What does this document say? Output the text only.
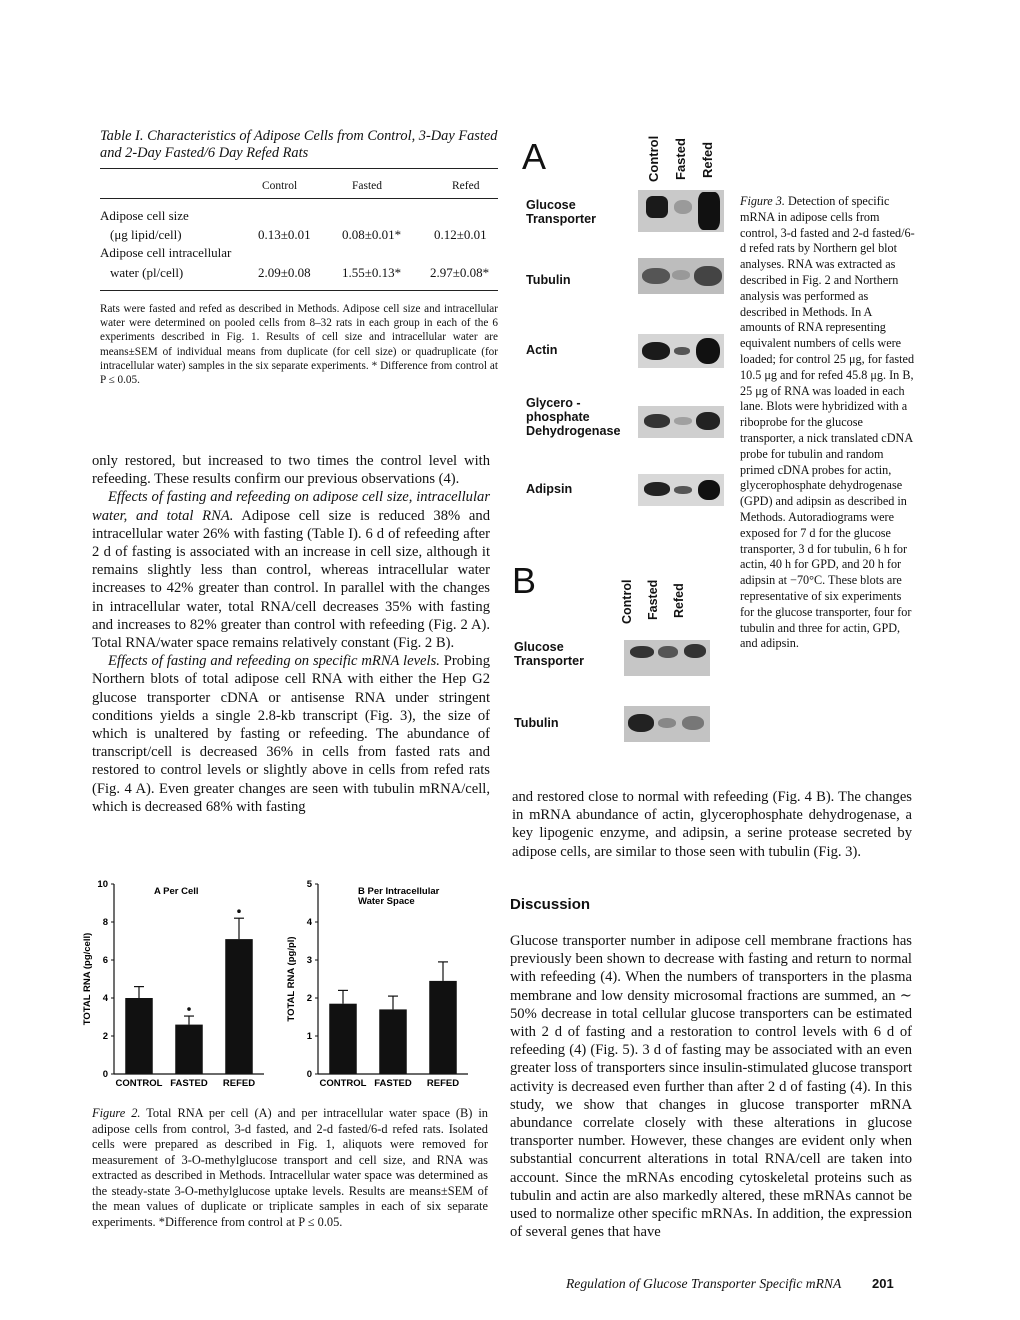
Table I. Characteristics of Adipose Cells from Control, 3-Day Fasted and 2-Day Fasted/6 Day Refed Rats
Control	Fasted	Refed
Adipose cell size
(μg lipid/cell)	0.13±0.01 0.08±0.01*	0.12±0.01
Adipose cell intracellular
water (pl/cell)	2.09±0.08 1.55±0.13* 2.97±0.08*
Rats were fasted and refed as described in Methods. Adipose cell size and intracellular water were determined on pooled cells from 8–32 rats in each group in each of the 6 experiments described in Fig. 1. Results of cell size and intracellular water are means±SEM of individual means from duplicate (for cell size) or quadruplicate (for intracellular water) samples in the six separate experiments. * Difference from control at P ≤ 0.05.

only restored, but increased to two times the control level with refeeding. These results confirm our previous observations (4).

Effects of fasting and refeeding on adipose cell size, intracellular water, and total RNA. Adipose cell size is reduced 38% and intracellular water 26% with fasting (Table I). 6 d of refeeding after 2 d of fasting is associated with an increase in cell size, although it remains slightly less than control, whereas intracellular water increases to 42% greater than control. In parallel with the changes in intracellular water, total RNA/cell decreases 35% with fasting and increases to 82% greater than control with refeeding (Fig. 2 A). Total RNA/water space remains relatively constant (Fig. 2 B).

Effects of fasting and refeeding on specific mRNA levels. Probing Northern blots of total adipose cell RNA with either the Hep G2 glucose transporter cDNA or antisense RNA under stringent conditions yields a single 2.8-kb transcript (Fig. 3), the size of which is unaltered by fasting or refeeding. The abundance of transcript/cell is decreased 36% in cells from fasted rats and restored to control levels or slightly above in cells from refed rats (Fig. 4 A). Even greater changes are seen with tubulin mRNA/cell, which is decreased 68% with fasting

0
2
4
6
8
10
TOTAL RNA (pg/cell)
A Per Cell
CONTROL FASTED REFED
0
1
2
3
4
5
TOTAL RNA (pg/pl)
B Per Intracellular
Water Space
CONTROL FASTED REFED
Figure 2. Total RNA per cell (A) and per intracellular water space (B) in adipose cells from control, 3-d fasted, and 2-d fasted/6-d refed rats. Isolated cells were prepared as described in Fig. 1, aliquots were removed for measurement of 3-O-methylglucose transport and cell size, and RNA was extracted as described in Methods. Intracellular water space was determined as the steady-state 3-O-methylglucose uptake levels. Results are means±SEM of the mean values of duplicate or triplicate samples in each of six separate experiments. *Difference from control at P ≤ 0.05.
A	Control Fasted Refed
Glucose
Transporter
Tubulin
Actin
Glycero -
phosphate
Dehydrogenase
Adipsin
B	Control Fasted Refed
Glucose
Transporter
Tubulin
Figure 3. Detection of specific mRNA in adipose cells from control, 3-d fasted and 2-d fasted/6-d refed rats by Northern gel blot analyses. RNA was extracted as described in Fig. 2 and Northern analysis was performed as described in Methods. In A amounts of RNA representing equivalent numbers of cells were loaded; for control 25 μg, for fasted 10.5 μg and for refed 45.8 μg. In B, 25 μg of RNA was loaded in each lane. Blots were hybridized with a riboprobe for the glucose transporter, a nick translated cDNA probe for tubulin and random primed cDNA probes for actin, glycerophosphate dehydrogenase (GPD) and adipsin as described in Methods. Autoradiograms were exposed for 7 d for the glucose transporter, 3 d for tubulin, 6 h for actin, 40 h for GPD, and 20 h for adipsin at −70°C. These blots are representative of six experiments for the glucose transporter, four for tubulin and three for actin, GPD, and adipsin.
and restored close to normal with refeeding (Fig. 4 B). The changes in mRNA abundance of actin, glycerophosphate dehydrogenase, a key lipogenic enzyme, and adipsin, a serine protease secreted by adipose cells, are similar to those seen with tubulin (Fig. 3).
Discussion
Glucose transporter number in adipose cell membrane fractions has previously been shown to decrease with fasting and return to normal with refeeding (4). When the numbers of transporters in the plasma membrane and low density microsomal fractions are summed, an ∼ 50% decrease in total cellular glucose transporters can be estimated with 2 d of fasting and a restoration to control levels with 6 d of refeeding (4) (Fig. 5). 3 d of fasting may be associated with an even greater loss of transporters since insulin-stimulated glucose transport activity is decreased even further than after 2 d of fasting (4). In this study, we show that changes in glucose transporter mRNA abundance correlate closely with these alterations in glucose transporter number. However, these changes are evident only when substantial concurrent alterations in total RNA/cell are taken into account. Since the mRNAs encoding cytoskeletal proteins such as tubulin and actin are also markedly altered, these mRNAs cannot be used to normalize other specific mRNAs. In addition, the expression of several genes that have
Regulation of Glucose Transporter Specific mRNA 201
